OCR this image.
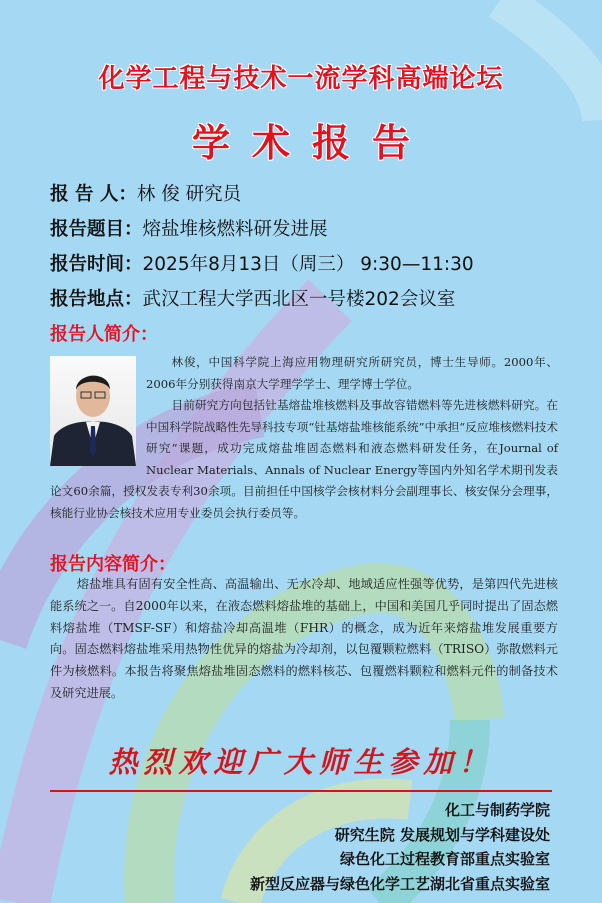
化学工程与技术一流学科高端论坛
学术报告
报 告 人：林 俊 研究员
报告题目：熔盐堆核燃料研发进展
报告时间：2025年8月13日（周三） 9:30—11:30
报告地点：武汉工程大学西北区一号楼202会议室
报告人简介：

林俊，中国科学院上海应用物理研究所研究员，博士生导师。2000年、2006年分别获得南京大学理学学士、理学博士学位。

目前研究方向包括钍基熔盐堆核燃料及事故容错燃料等先进核燃料研究。在中国科学院战略性先导科技专项“钍基熔盐堆核能系统”中承担“反应堆核燃料技术研究”课题，成功完成熔盐堆固态燃料和液态燃料研发任务，在Journal of Nuclear Materials、Annals of Nuclear Energy等国内外知名学术期刊发表论文60余篇，授权发表专利30余项。目前担任中国核学会核材料分会副理事长、核安保分会理事，核能行业协会核技术应用专业委员会执行委员等。

报告内容简介：
熔盐堆具有固有安全性高、高温输出、无水冷却、地域适应性强等优势，是第四代先进核能系统之一。自2000年以来，在液态燃料熔盐堆的基础上，中国和美国几乎同时提出了固态燃料熔盐堆（TMSF-SF）和熔盐冷却高温堆（FHR）的概念，成为近年来熔盐堆发展重要方向。固态燃料熔盐堆采用热物性优异的熔盐为冷却剂，以包覆颗粒燃料（TRISO）弥散燃料元件为核燃料。本报告将聚焦熔盐堆固态燃料的燃料核芯、包覆燃料颗粒和燃料元件的制备技术及研究进展。
热烈欢迎广大师生参加！
化工与制药学院
研究生院 发展规划与学科建设处
绿色化工过程教育部重点实验室
新型反应器与绿色化学工艺湖北省重点实验室
